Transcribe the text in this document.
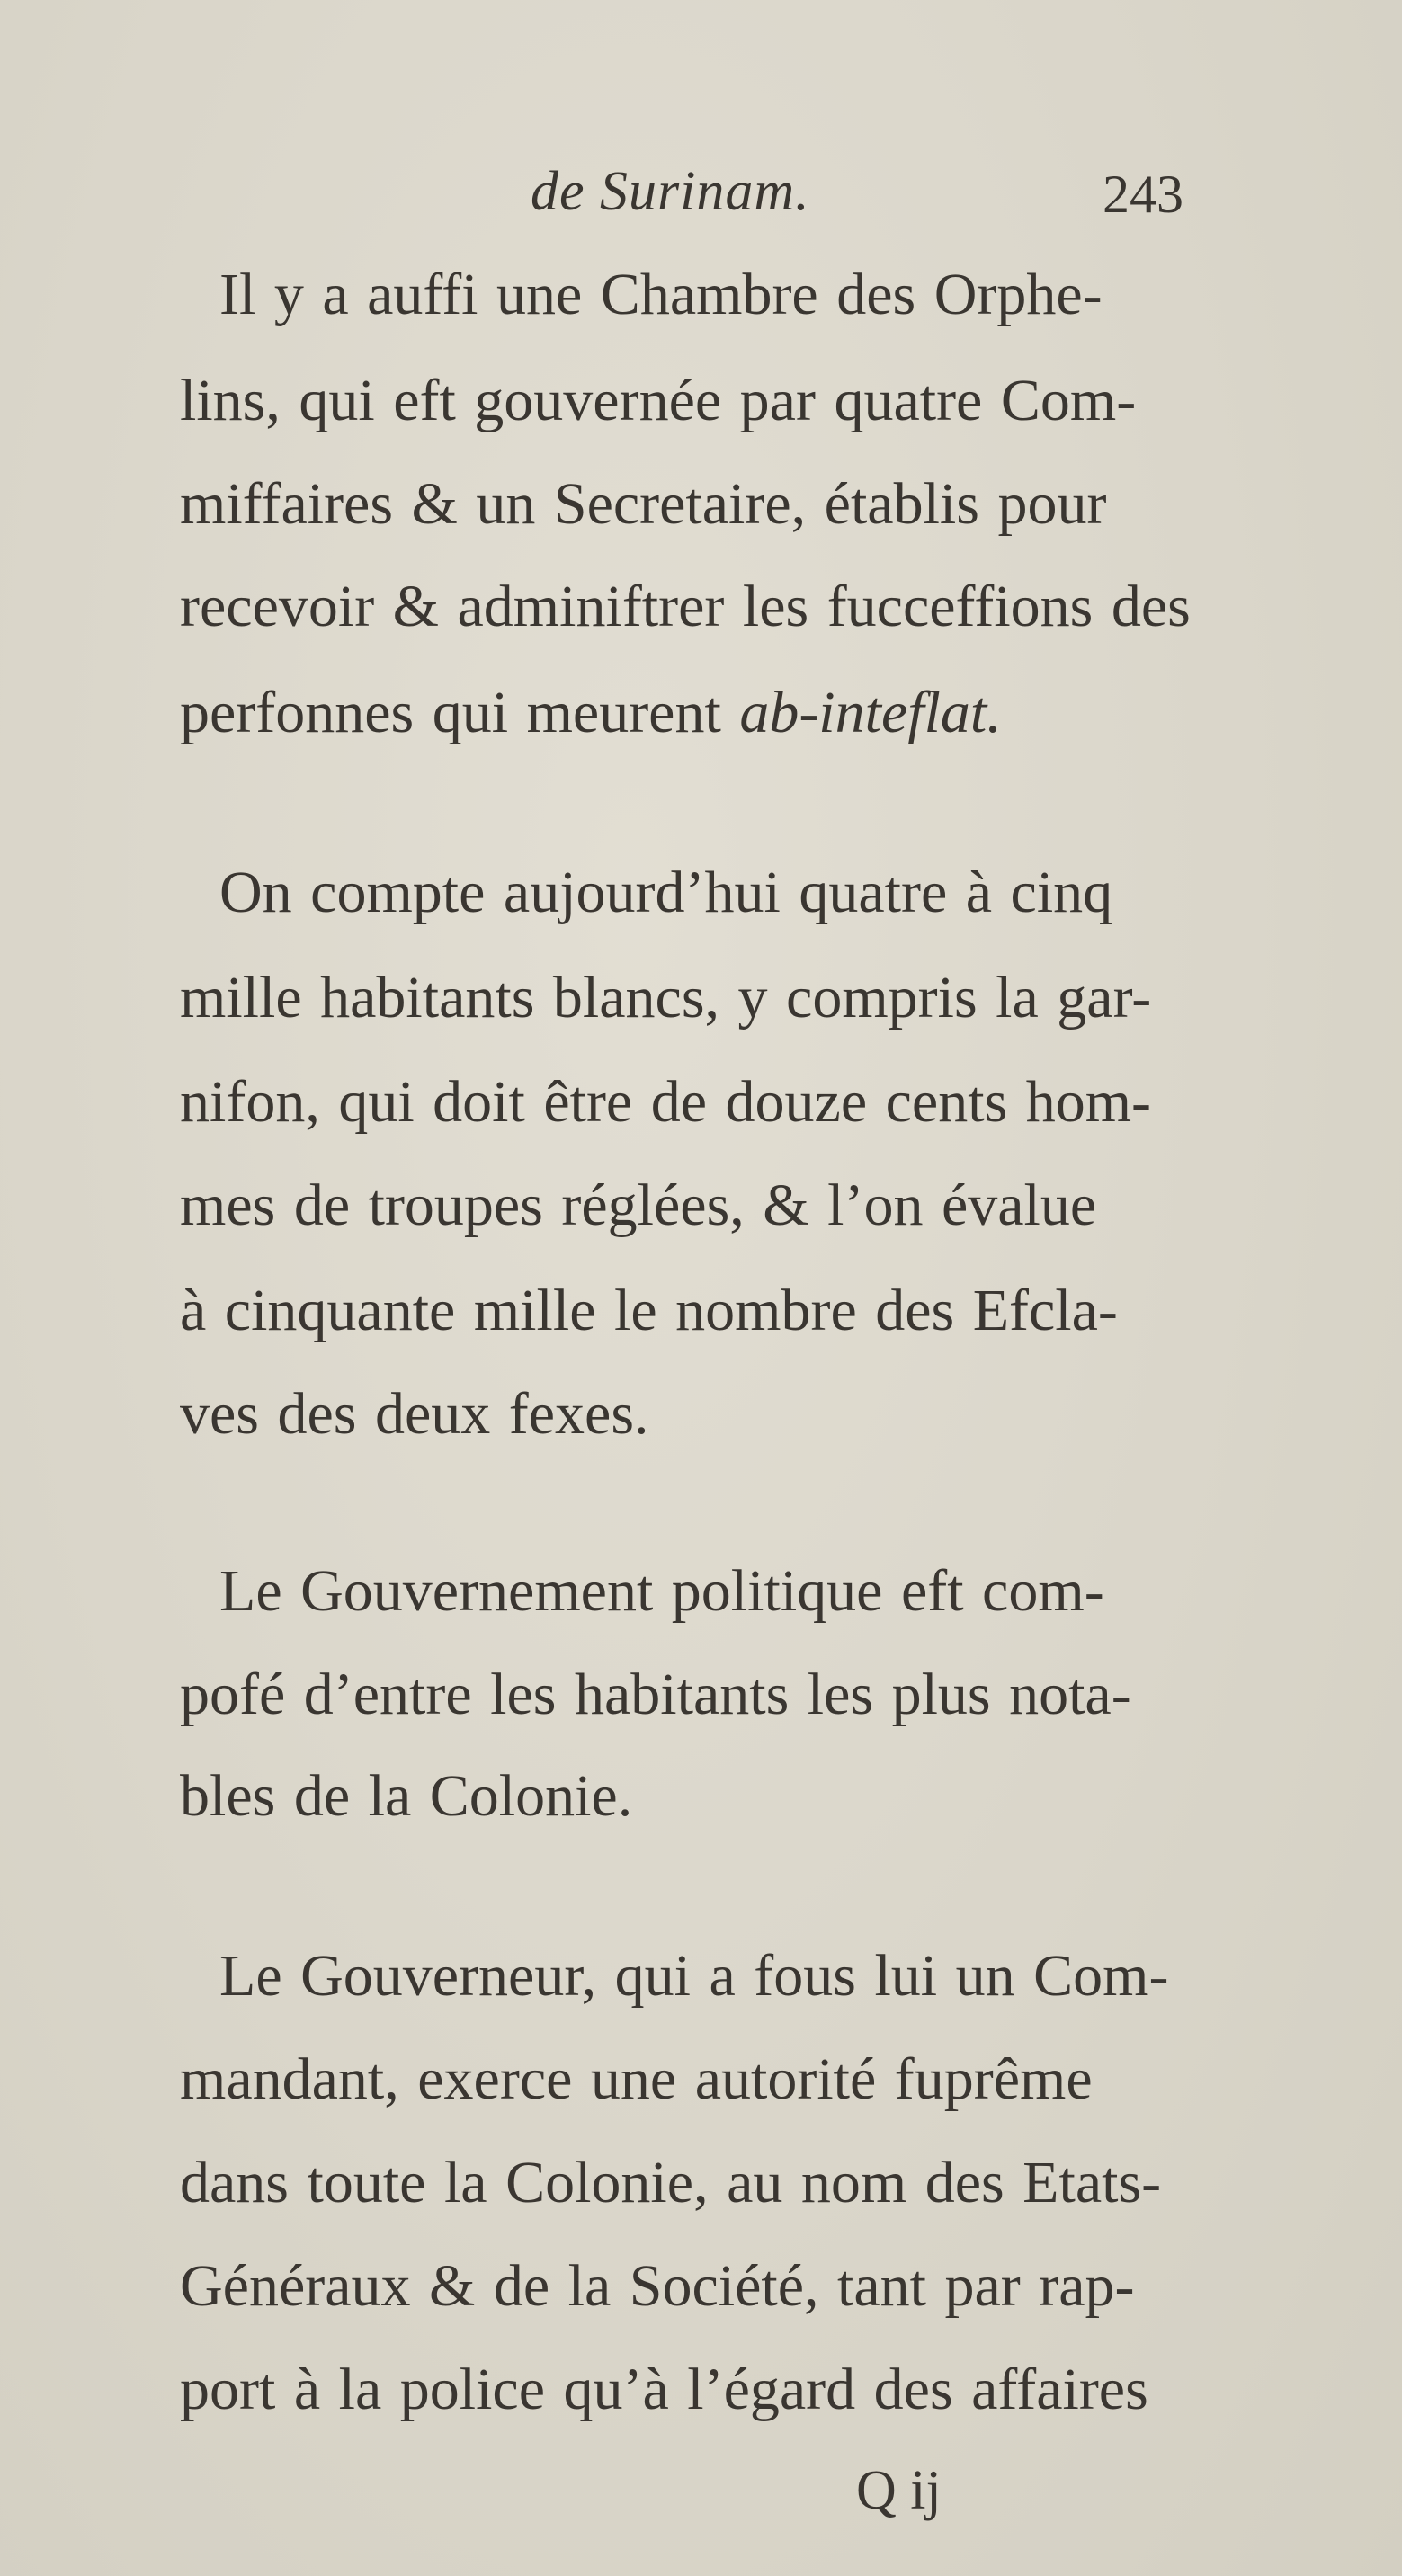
de Surinam.	243
Il y a auffi une Chambre des Orphe-
lins, qui eft gouvernée par quatre Com-
miffaires & un Secretaire, établis pour
recevoir & adminiftrer les fucceffions des
perfonnes qui meurent ab-inteflat.
On compte aujourd’hui quatre à cinq
mille habitants blancs, y compris la gar-
nifon, qui doit être de douze cents hom-
mes de troupes réglées, & l’on évalue
à cinquante mille le nombre des Efcla-
ves des deux fexes.
Le Gouvernement politique eft com-
pofé d’entre les habitants les plus nota-
bles de la Colonie.
Le Gouverneur, qui a fous lui un Com-
mandant, exerce une autorité fuprême
dans toute la Colonie, au nom des Etats-
Généraux & de la Société, tant par rap-
port à la police qu’à l’égard des affaires
Q ij
